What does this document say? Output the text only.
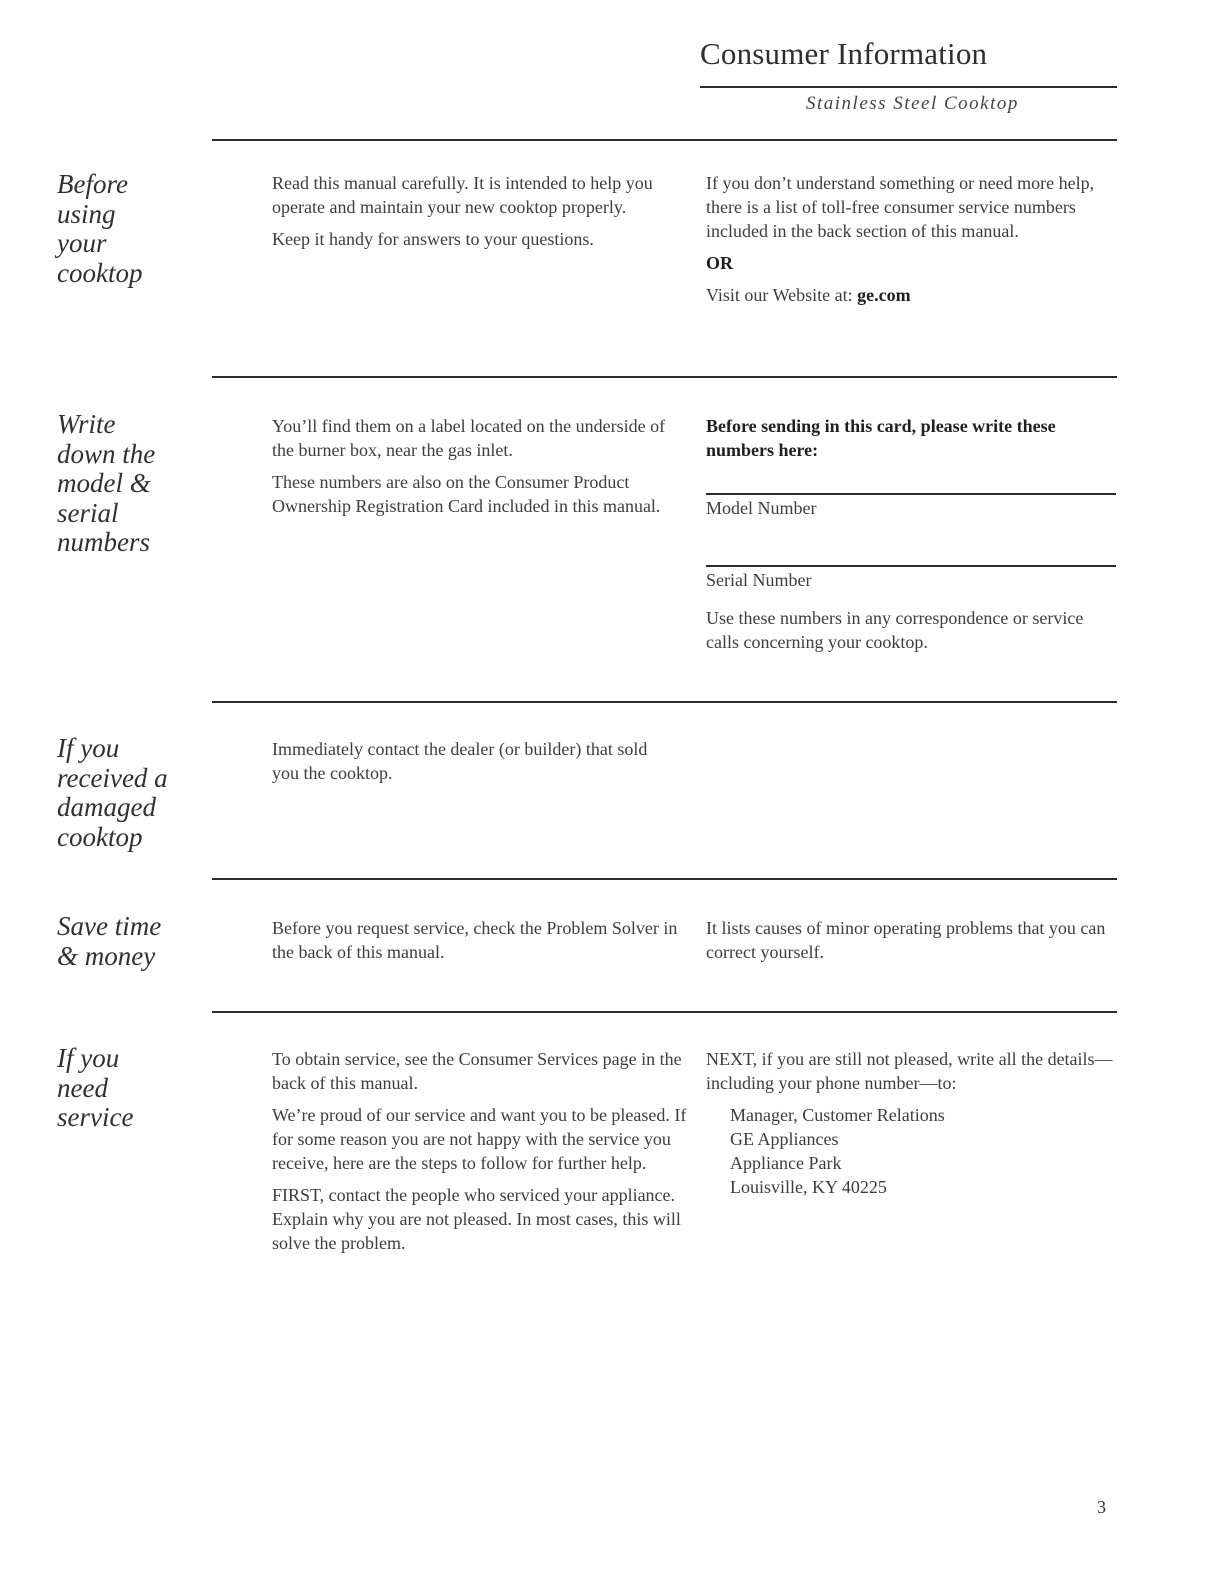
Consumer Information
Stainless Steel Cooktop
Before
using
your
cooktop

Read this manual carefully. It is intended to help you operate and maintain your new cooktop properly.

Keep it handy for answers to your questions.

If you don’t understand something or need more help, there is a list of toll-free consumer service numbers included in the back section of this manual.

OR

Visit our Website at: ge.com

Write
down the
model &
serial
numbers

You’ll find them on a label located on the underside of the burner box, near the gas inlet.

These numbers are also on the Consumer Product Ownership Registration Card included in this manual.

Before sending in this card, please write these numbers here:

Model Number
Serial Number

Use these numbers in any correspondence or service calls concerning your cooktop.

If you
received a
damaged
cooktop

Immediately contact the dealer (or builder) that sold you the cooktop.

Save time
& money

Before you request service, check the Problem Solver in the back of this manual.

It lists causes of minor operating problems that you can correct yourself.

If you
need
service

To obtain service, see the Consumer Services page in the back of this manual.

We’re proud of our service and want you to be pleased. If for some reason you are not happy with the service you receive, here are the steps to follow for further help.

FIRST, contact the people who serviced your appliance. Explain why you are not pleased. In most cases, this will solve the problem.

NEXT, if you are still not pleased, write all the details—including your phone number—to:

Manager, Customer Relations

GE Appliances

Appliance Park

Louisville, KY 40225

3
